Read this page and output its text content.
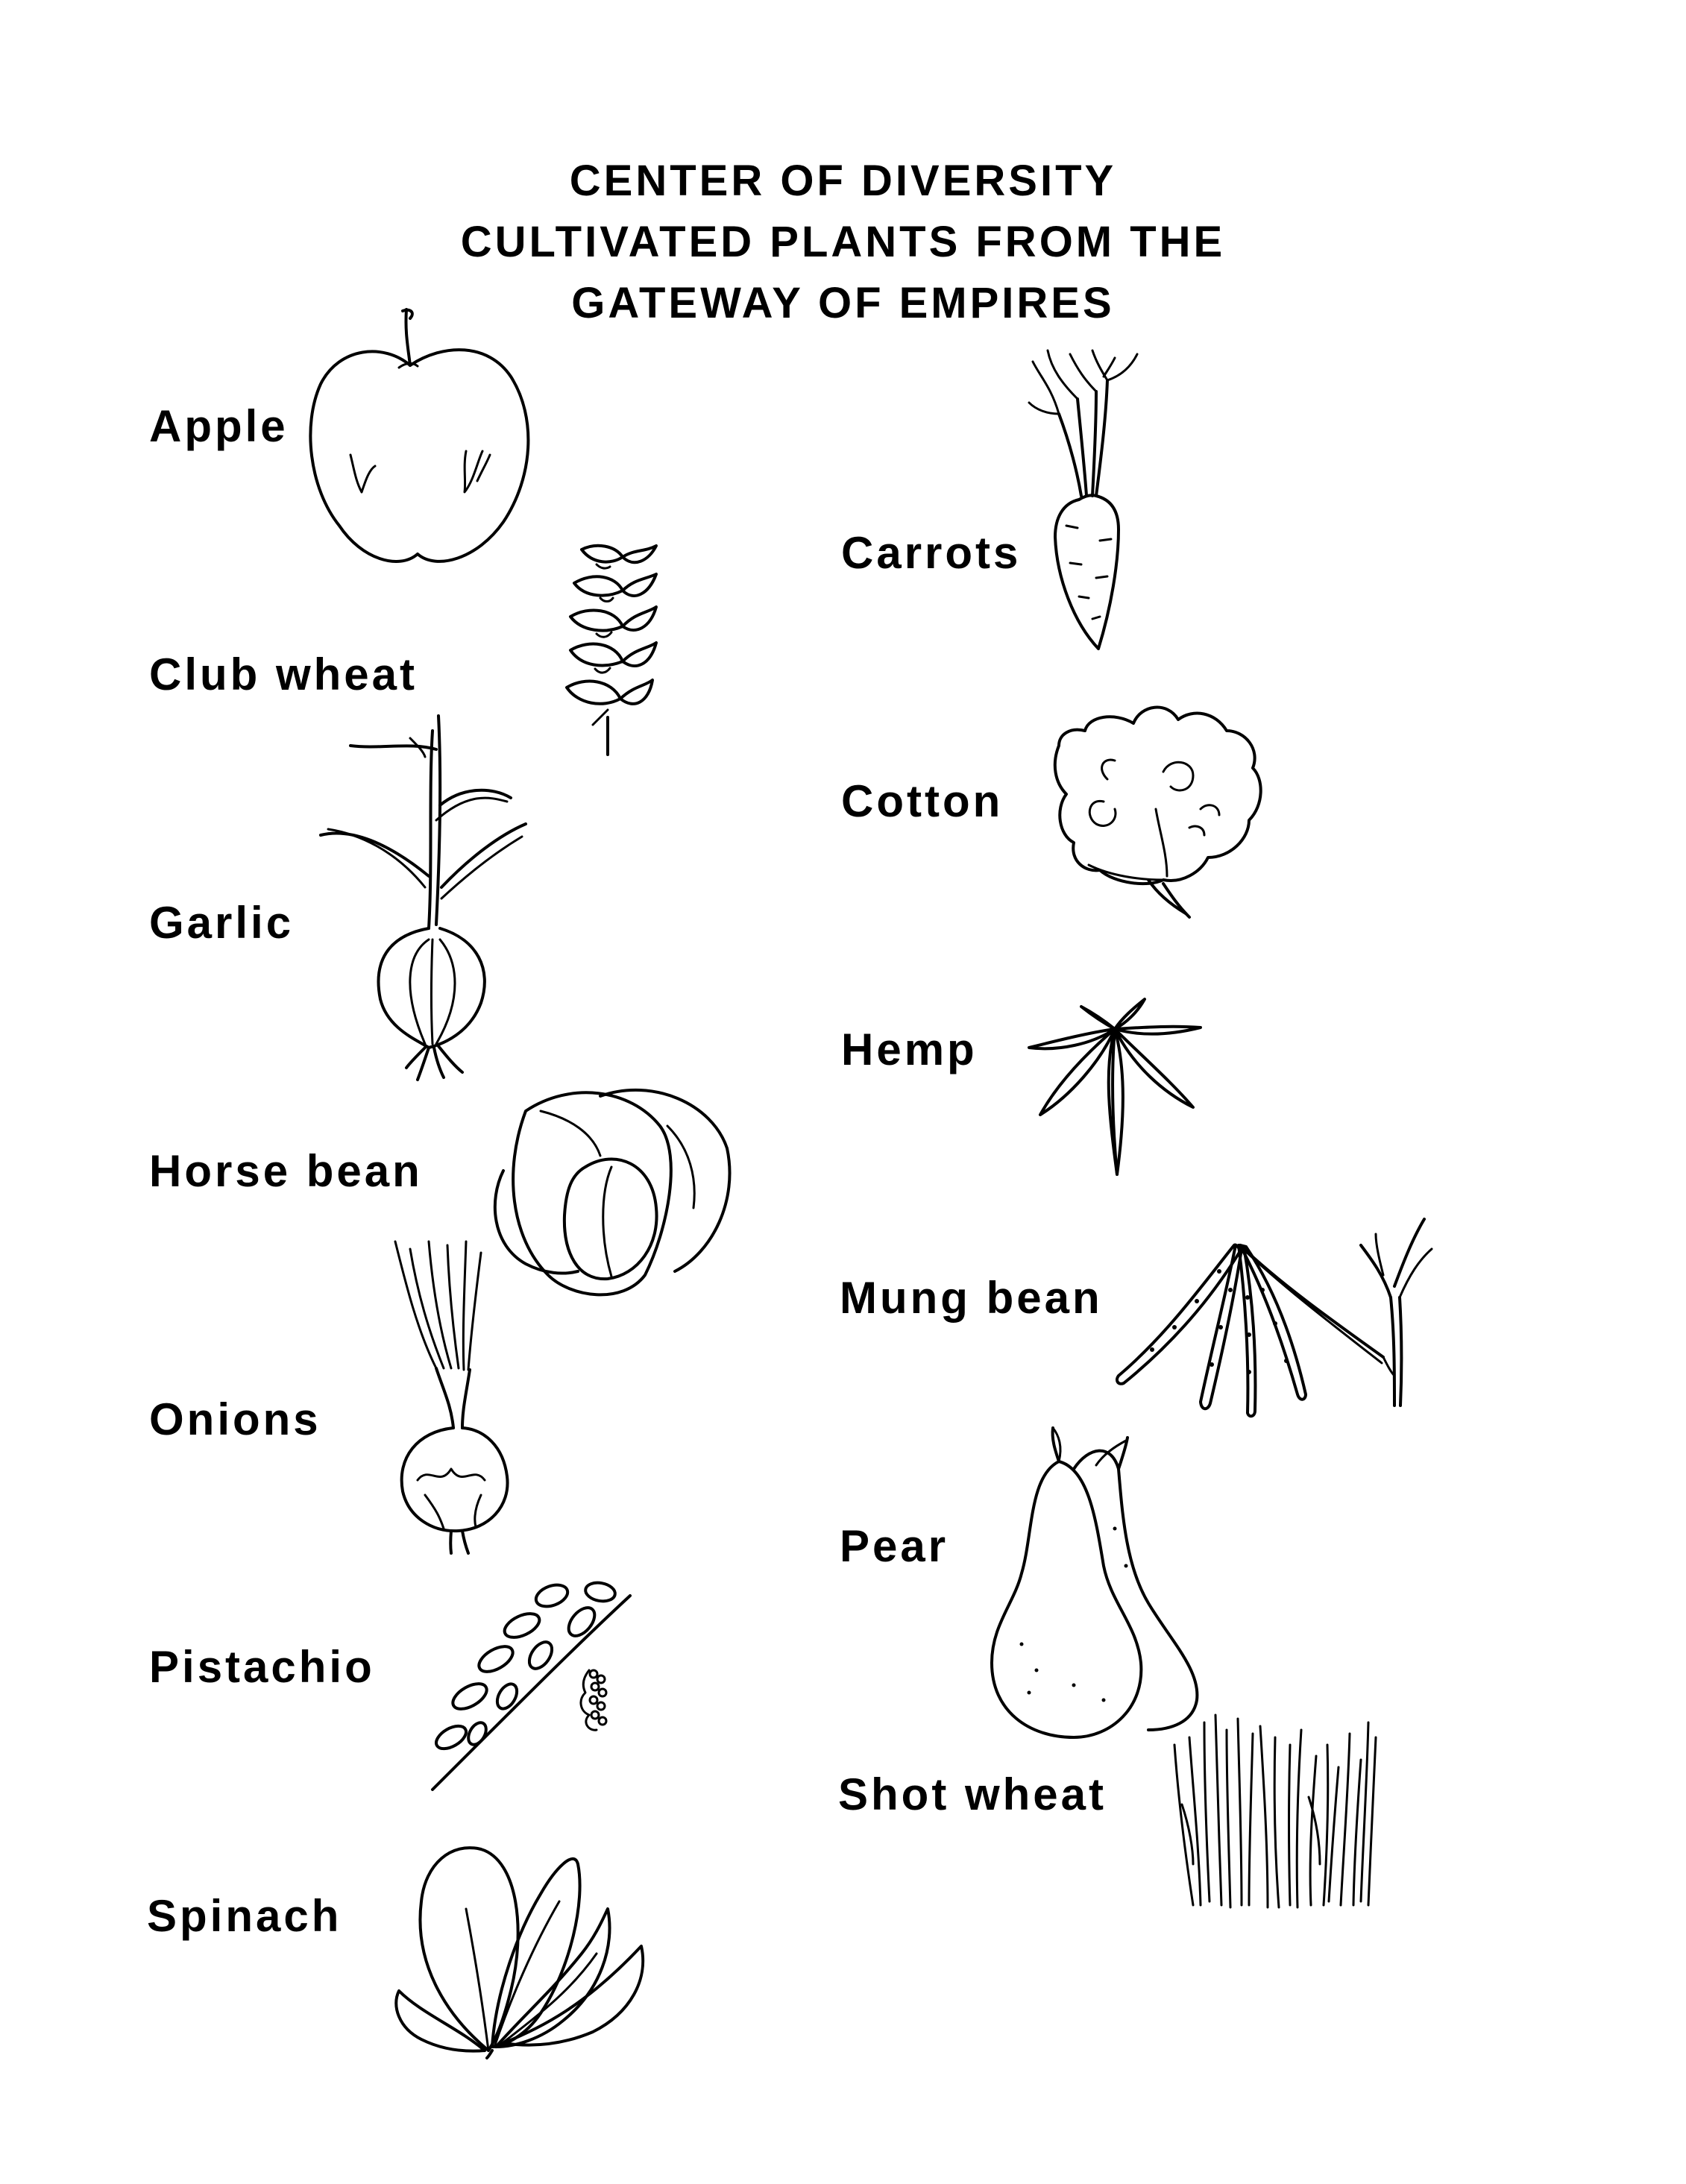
CENTER OF DIVERSITY
CULTIVATED PLANTS FROM THE
GATEWAY OF EMPIRES
Apple
Club wheat
Garlic
Horse bean
Onions
Pistachio
Spinach
Carrots
Cotton
Hemp
Mung bean
Pear
Shot wheat
